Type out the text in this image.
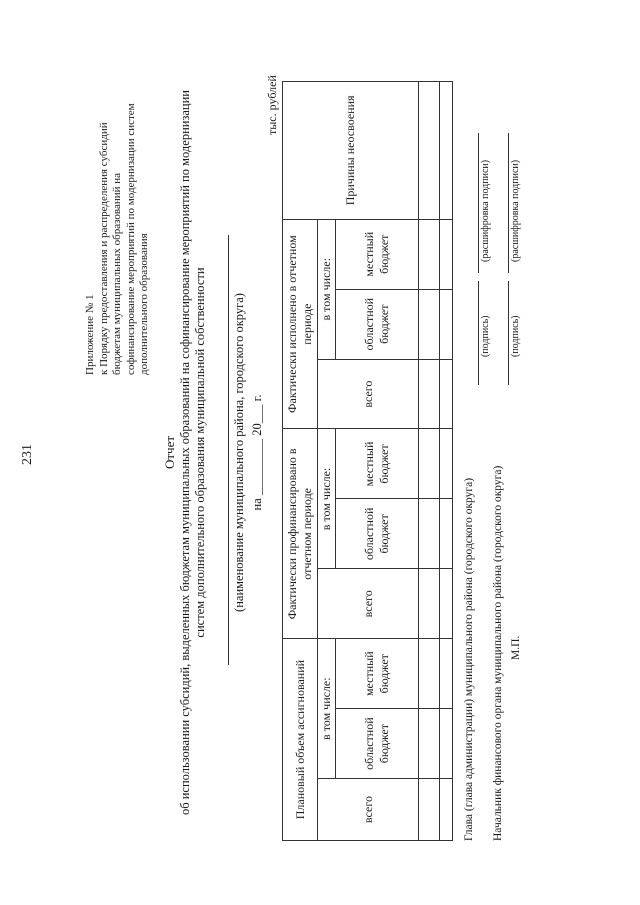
231
Приложение № 1 к Порядку предоставления и распределения субсидий бюджетам муниципальных образований на софинансирование мероприятий по модернизации систем дополнительного образования
Отчет об использовании субсидий, выделенных бюджетам муниципальных образований на софинансирование мероприятий по модернизации систем дополнительного образования муниципальной собственности (наименование муниципального района, городского округа) на _________ 20___ г.
тыс. рублей
Плановый объем ассигнований			Фактически профинансировано в отчетном периоде			Фактически исполнено в отчетном периоде			Причины неосвоения
всего	в том числе:		всего	в том числе:		всего	в том числе:		
	областной бюджет	местный бюджет		областной бюджет	местный бюджет		областной бюджет	местный бюджет	

Глава (глава администрации) муниципального района (городского округа)
(подпись)
(расшифровка подписи)
Начальник финансового органа муниципального района (городского округа)
(подпись)
(расшифровка подписи)
М.П.
